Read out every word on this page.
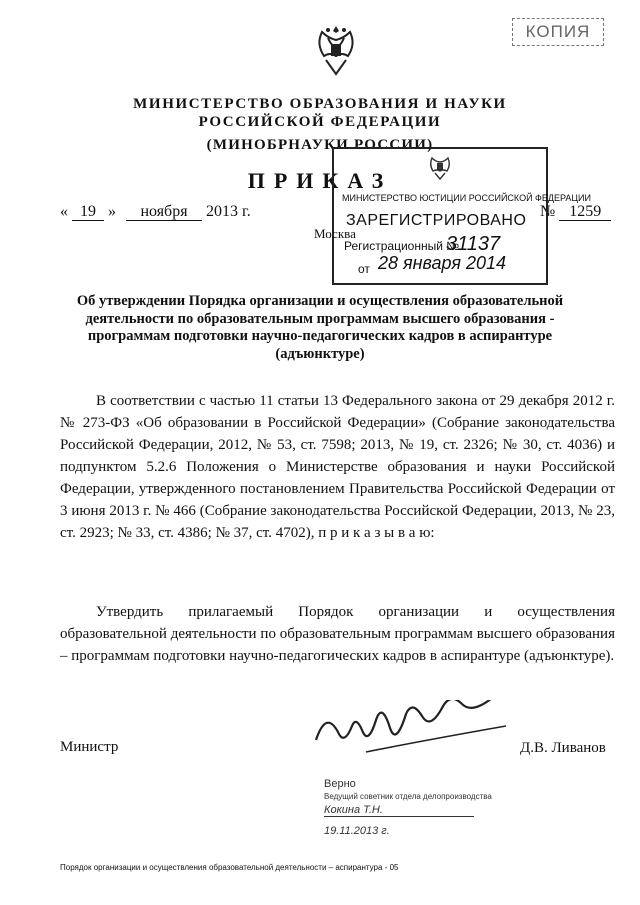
КОПИЯ
МИНИСТЕРСТВО ОБРАЗОВАНИЯ И НАУКИ
РОССИЙСКОЙ ФЕДЕРАЦИИ
(МИНОБРНАУКИ РОССИИ)
ПРИКАЗ
« 19 » ноября 2013 г.
Москва
№ 1259
МИНИСТЕРСТВО ЮСТИЦИИ РОССИЙСКОЙ ФЕДЕРАЦИИ
ЗАРЕГИСТРИРОВАНО
Регистрационный №
31137
от 28 января 2014
Об утверждении Порядка организации и осуществления образовательной деятельности по образовательным программам высшего образования - программам подготовки научно-педагогических кадров в аспирантуре (адъюнктуре)
В соответствии с частью 11 статьи 13 Федерального закона от 29 декабря 2012 г. № 273-ФЗ «Об образовании в Российской Федерации» (Собрание законодательства Российской Федерации, 2012, № 53, ст. 7598; 2013, № 19, ст. 2326; № 30, ст. 4036) и подпунктом 5.2.6 Положения о Министерстве образования и науки Российской Федерации, утвержденного постановлением Правительства Российской Федерации от 3 июня 2013 г. № 466 (Собрание законодательства Российской Федерации, 2013, № 23, ст. 2923; № 33, ст. 4386; № 37, ст. 4702), п р и к а з ы в а ю:
Утвердить прилагаемый Порядок организации и осуществления образовательной деятельности по образовательным программам высшего образования – программам подготовки научно-педагогических кадров в аспирантуре (адъюнктуре).
Министр	Д.В. Ливанов
Верно
Ведущий советник отдела делопроизводства
Кокина Т.Н.
19.11.2013 г.
Порядок организации и осуществления образовательной деятельности – аспирантура - 05
